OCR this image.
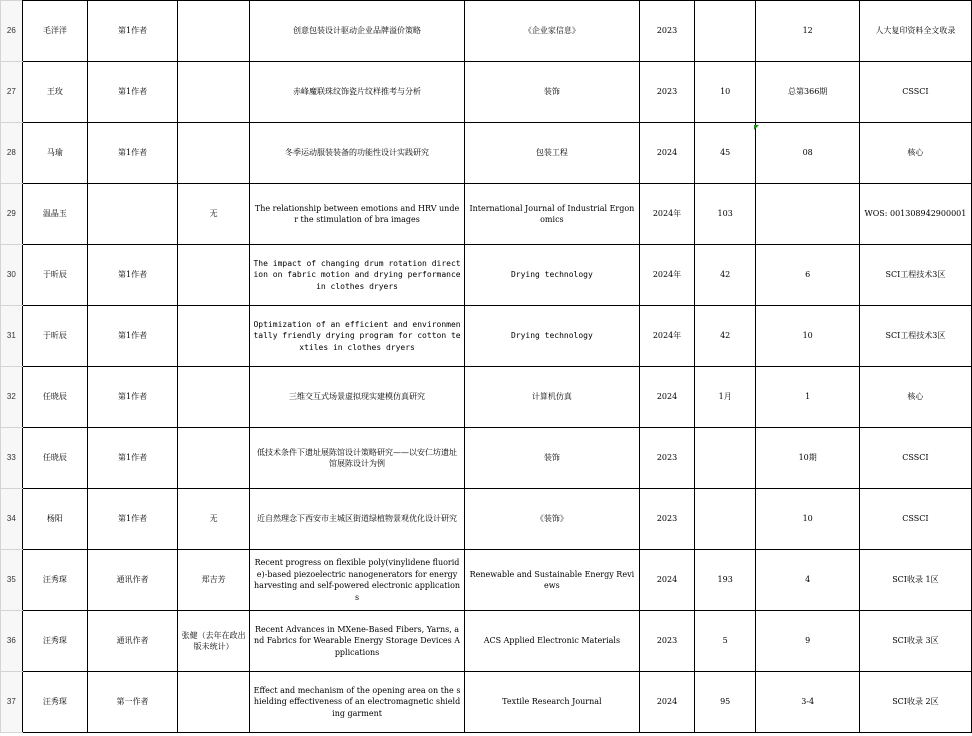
26	毛洋洋	第1作者		创意包装设计驱动企业品牌溢价策略	《企业家信息》	2023		12	人大复印资料全文收录
27	王玫	第1作者		赤峰魔联珠纹饰瓷片纹样推考与分析	装饰	2023	10	总第366期	CSSCI
28	马瑜	第1作者		冬季运动服装装备的功能性设计实践研究	包装工程	2024	45	08	核心
29	温晶玉		无	The relationship between emotions and HRV under the stimulation of bra images	International Journal of Industrial Ergonomics	2024年	103		WOS: 001308942900001
30	于昕辰	第1作者		The impact of changing drum rotation direction on fabric motion and drying performance in clothes dryers	Drying technology	2024年	42	6	SCI工程技术3区
31	于昕辰	第1作者		Optimization of an efficient and environmentally friendly drying program for cotton textiles in clothes dryers	Drying technology	2024年	42	10	SCI工程技术3区
32	任晓辰	第1作者		三维交互式场景虚拟现实建模仿真研究	计算机仿真	2024	1月	1	核心
33	任晓辰	第1作者		低技术条件下遗址展陈馆设计策略研究——以安仁坊遗址馆展陈设计为例	装饰	2023		10期	CSSCI
34	杨阳	第1作者	无	近自然理念下西安市主城区街道绿植物景观优化设计研究	《装饰》	2023		10	CSSCI
35	汪秀琛	通讯作者	郑吉芳	Recent progress on flexible poly(vinylidene fluoride)-based piezoelectric nanogenerators for energy harvesting and self-powered electronic applications	Renewable and Sustainable Energy Reviews	2024	193	4	SCI收录 1区
36	汪秀琛	通讯作者	张健（去年在政出版未统计）	Recent Advances in MXene-Based Fibers, Yarns, and Fabrics for Wearable Energy Storage Devices Applications	ACS Applied Electronic Materials	2023	5	9	SCI收录 3区
37	汪秀琛	第一作者		Effect and mechanism of the opening area on the shielding effectiveness of an electromagnetic shielding garment	Textile Research Journal	2024	95	3-4	SCI收录 2区
